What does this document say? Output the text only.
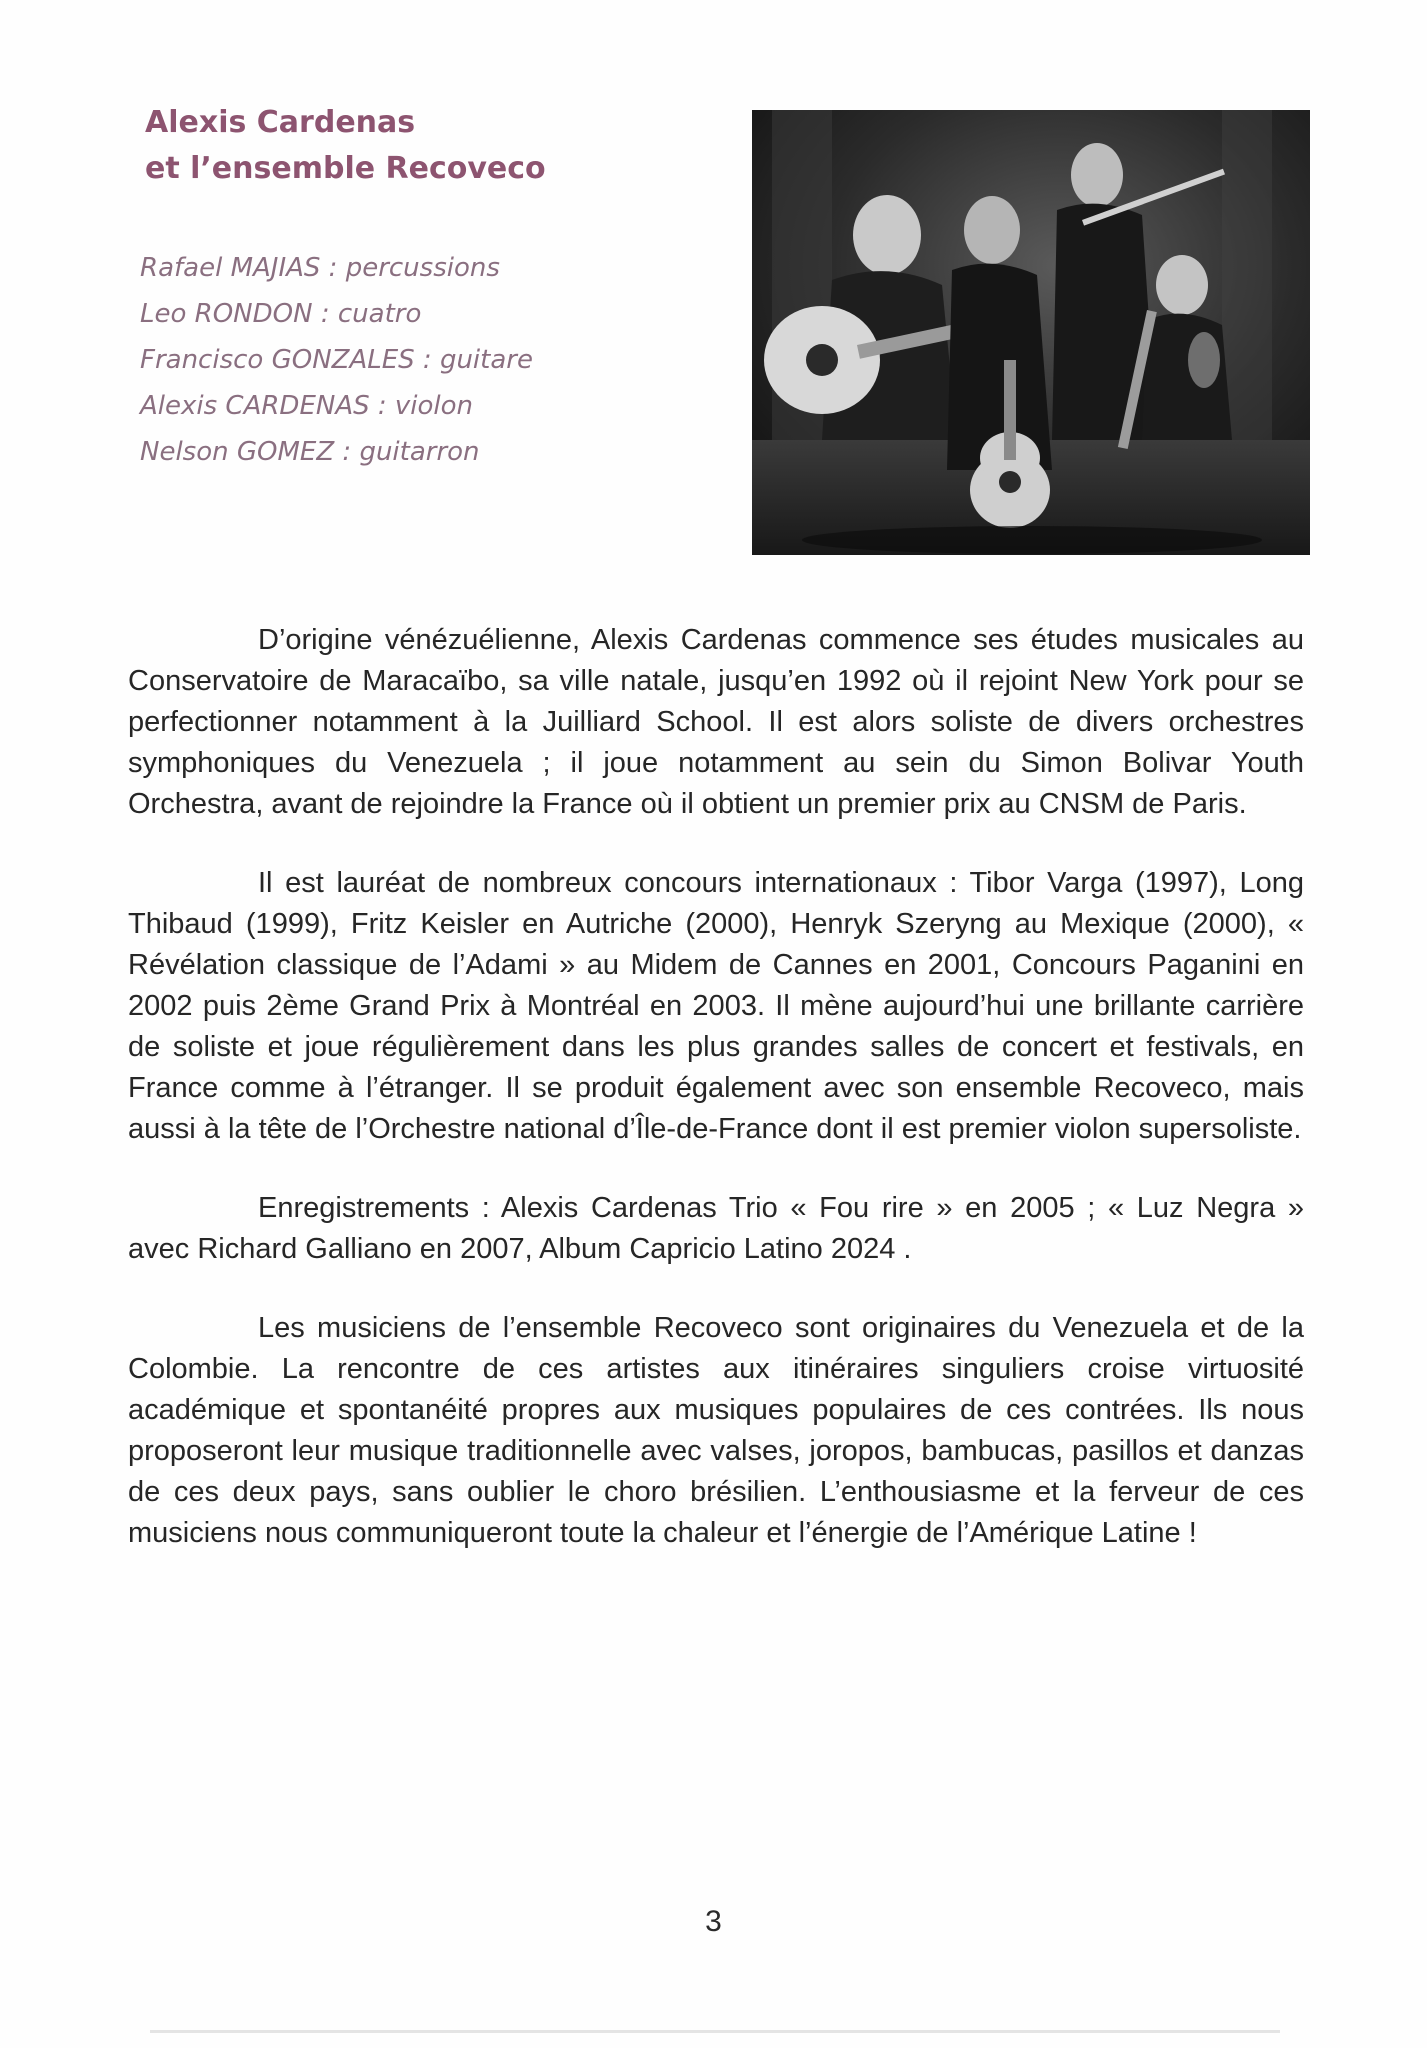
Alexis Cardenas
et l’ensemble Recoveco
Rafael MAJIAS : percussions
Leo RONDON : cuatro
Francisco GONZALES : guitare
Alexis CARDENAS : violon
Nelson GOMEZ : guitarron

D’origine vénézuélienne, Alexis Cardenas commence ses études musicales au Conservatoire de Maracaïbo, sa ville natale, jusqu’en 1992 où il rejoint New York pour se perfectionner notamment à la Juilliard School. Il est alors soliste de divers orchestres symphoniques du Venezuela ; il joue notamment au sein du Simon Bolivar Youth Orchestra, avant de rejoindre la France où il obtient un premier prix au CNSM de Paris.

Il est lauréat de nombreux concours internationaux : Tibor Varga (1997), Long Thibaud (1999), Fritz Keisler en Autriche (2000), Henryk Szeryng au Mexique (2000), « Révélation classique de l’Adami » au Midem de Cannes en 2001, Concours Paganini en 2002 puis 2ème Grand Prix à Montréal en 2003. Il mène aujourd’hui une brillante carrière de soliste et joue régulièrement dans les plus grandes salles de concert et festivals, en France comme à l’étranger. Il se produit également avec son ensemble Recoveco, mais aussi à la tête de l’Orchestre national d’Île-de-France dont il est premier violon supersoliste.

Enregistrements : Alexis Cardenas Trio « Fou rire » en 2005 ; « Luz Negra » avec Richard Galliano en 2007, Album Capricio Latino 2024 .

Les musiciens de l’ensemble Recoveco sont originaires du Venezuela et de la Colombie. La rencontre de ces artistes aux itinéraires singuliers croise virtuosité académique et spontanéité propres aux musiques populaires de ces contrées. Ils nous proposeront leur musique traditionnelle avec valses, joropos, bambucas, pasillos et danzas de ces deux pays, sans oublier le choro brésilien. L’enthousiasme et la ferveur de ces musiciens nous communiqueront toute la chaleur et l’énergie de l’Amérique Latine !

3
